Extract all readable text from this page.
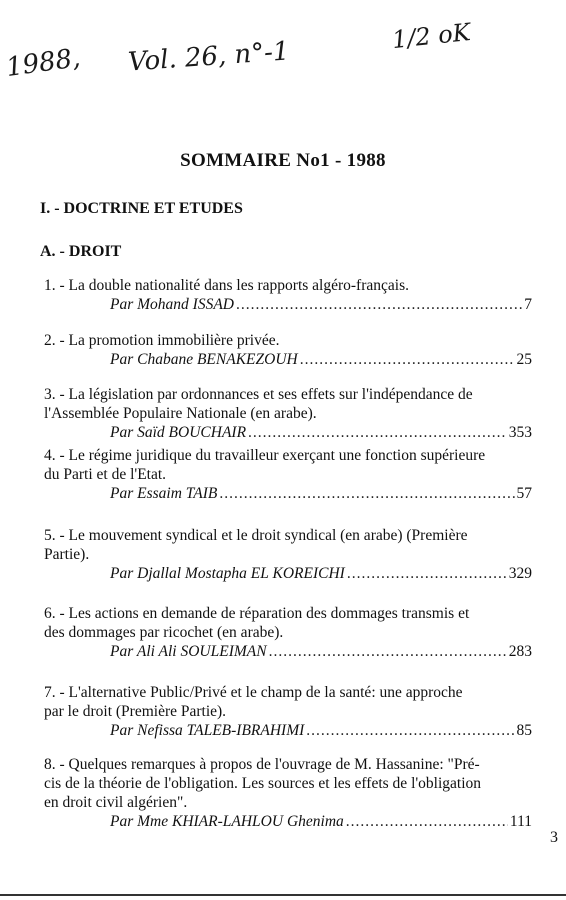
1988, Vol. 26, n°-1
1/2 oK
SOMMAIRE No1 - 1988
I. - DOCTRINE ET ETUDES
A. - DROIT
1. - La double nationalité dans les rapports algéro-français.
Par Mohand ISSAD .....	7
2. - La promotion immobilière privée.
Par Chabane BENAKEZOUH .....	25
3. - La législation par ordonnances et ses effets sur l'indépendance de
l'Assemblée Populaire Nationale (en arabe).
Par Saïd BOUCHAIR .....	353
4. - Le régime juridique du travailleur exerçant une fonction supérieure
du Parti et de l'Etat.
Par Essaim TAIB .....	57
5. - Le mouvement syndical et le droit syndical (en arabe) (Première
Partie).
Par Djallal Mostapha EL KOREICHI .....	329
6. - Les actions en demande de réparation des dommages transmis et
des dommages par ricochet (en arabe).
Par Ali Ali SOULEIMAN .....	283
7. - L'alternative Public/Privé et le champ de la santé: une approche
par le droit (Première Partie).
Par Nefissa TALEB-IBRAHIMI .....	85
8. - Quelques remarques à propos de l'ouvrage de M. Hassanine: "Pré-
cis de la théorie de l'obligation. Les sources et les effets de l'obligation
en droit civil algérien".
Par Mme KHIAR-LAHLOU Ghenima .....	111
3
